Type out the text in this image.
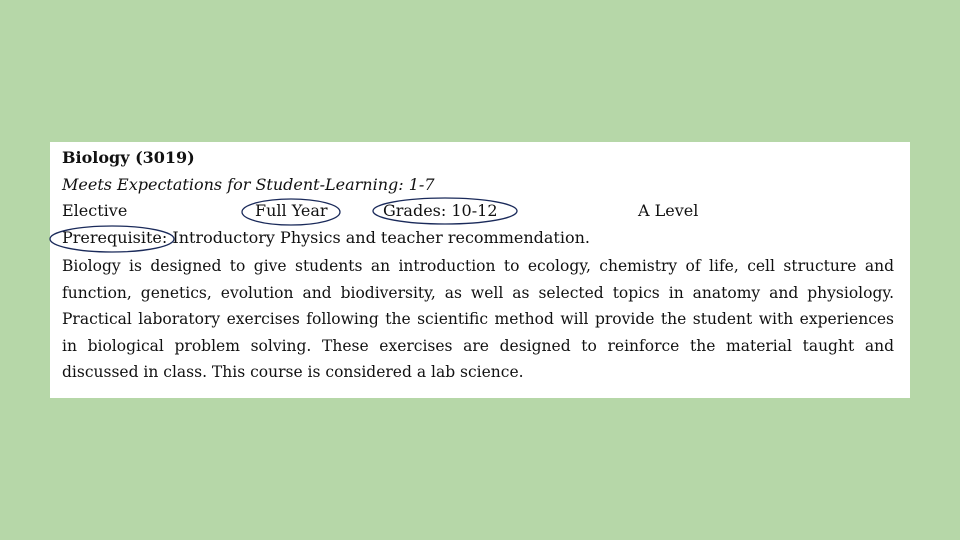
Biology (3019)
Meets Expectations for Student-Learning: 1-7
Elective	Full Year	Grades: 10-12	A Level
Prerequisite: Introductory Physics and teacher recommendation.
Biology is designed to give students an introduction to ecology, chemistry of life, cell structure and function, genetics, evolution and biodiversity, as well as selected topics in anatomy and physiology. Practical laboratory exercises following the scientific method will provide the student with experiences in biological problem solving. These exercises are designed to reinforce the material taught and discussed in class. This course is considered a lab science.
